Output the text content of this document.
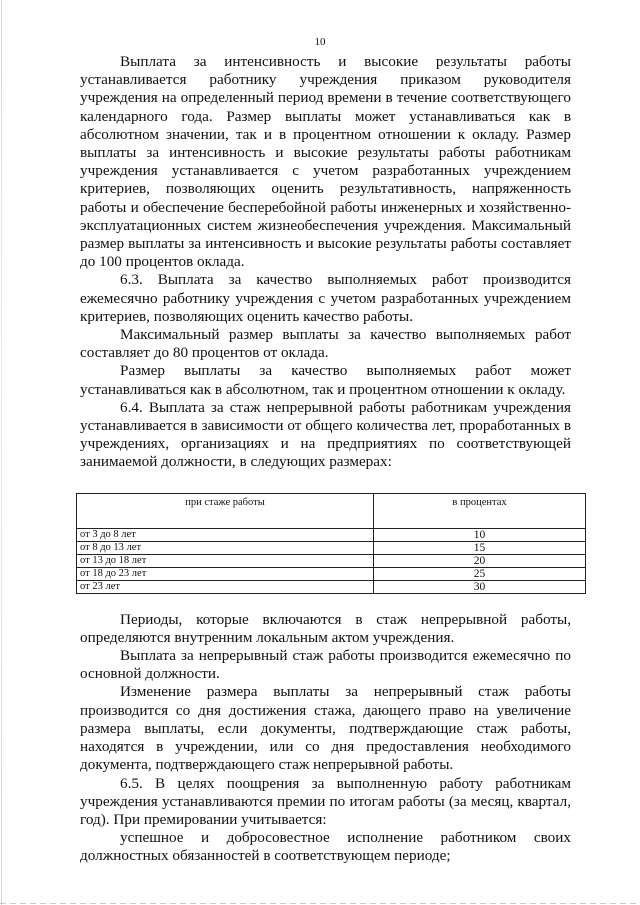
10

Выплата за интенсивность и высокие результаты работы устанавливается работнику учреждения приказом руководителя учреждения на определенный период времени в течение соответствующего календарного года. Размер выплаты может устанавливаться как в абсолютном значении, так и в процентном отношении к окладу. Размер выплаты за интенсивность и высокие результаты работы работникам учреждения устанавливается с учетом разработанных учреждением критериев, позволяющих оценить результативность, напряженность работы и обеспечение бесперебойной работы инженерных и хозяйственно-эксплуатационных систем жизнеобеспечения учреждения. Максимальный размер выплаты за интенсивность и высокие результаты работы составляет до 100 процентов оклада.

6.3. Выплата за качество выполняемых работ производится ежемесячно работнику учреждения с учетом разработанных учреждением критериев, позволяющих оценить качество работы.

Максимальный размер выплаты за качество выполняемых работ составляет до 80 процентов от оклада.

Размер выплаты за качество выполняемых работ может устанавливаться как в абсолютном, так и процентном отношении к окладу.

6.4. Выплата за стаж непрерывной работы работникам учреждения устанавливается в зависимости от общего количества лет, проработанных в учреждениях, организациях и на предприятиях по соответствующей занимаемой должности, в следующих размерах:

при стаже работы	в процентах
от 3 до 8 лет	10
от 8 до 13 лет	15
от 13 до 18 лет	20
от 18 до 23 лет	25
от 23 лет	30

Периоды, которые включаются в стаж непрерывной работы, определяются внутренним локальным актом учреждения.

Выплата за непрерывный стаж работы производится ежемесячно по основной должности.

Изменение размера выплаты за непрерывный стаж работы производится со дня достижения стажа, дающего право на увеличение размера выплаты, если документы, подтверждающие стаж работы, находятся в учреждении, или со дня предоставления необходимого документа, подтверждающего стаж непрерывной работы.

6.5. В целях поощрения за выполненную работу работникам учреждения устанавливаются премии по итогам работы (за месяц, квартал, год). При премировании учитывается:

успешное и добросовестное исполнение работником своих должностных обязанностей в соответствующем периоде;
